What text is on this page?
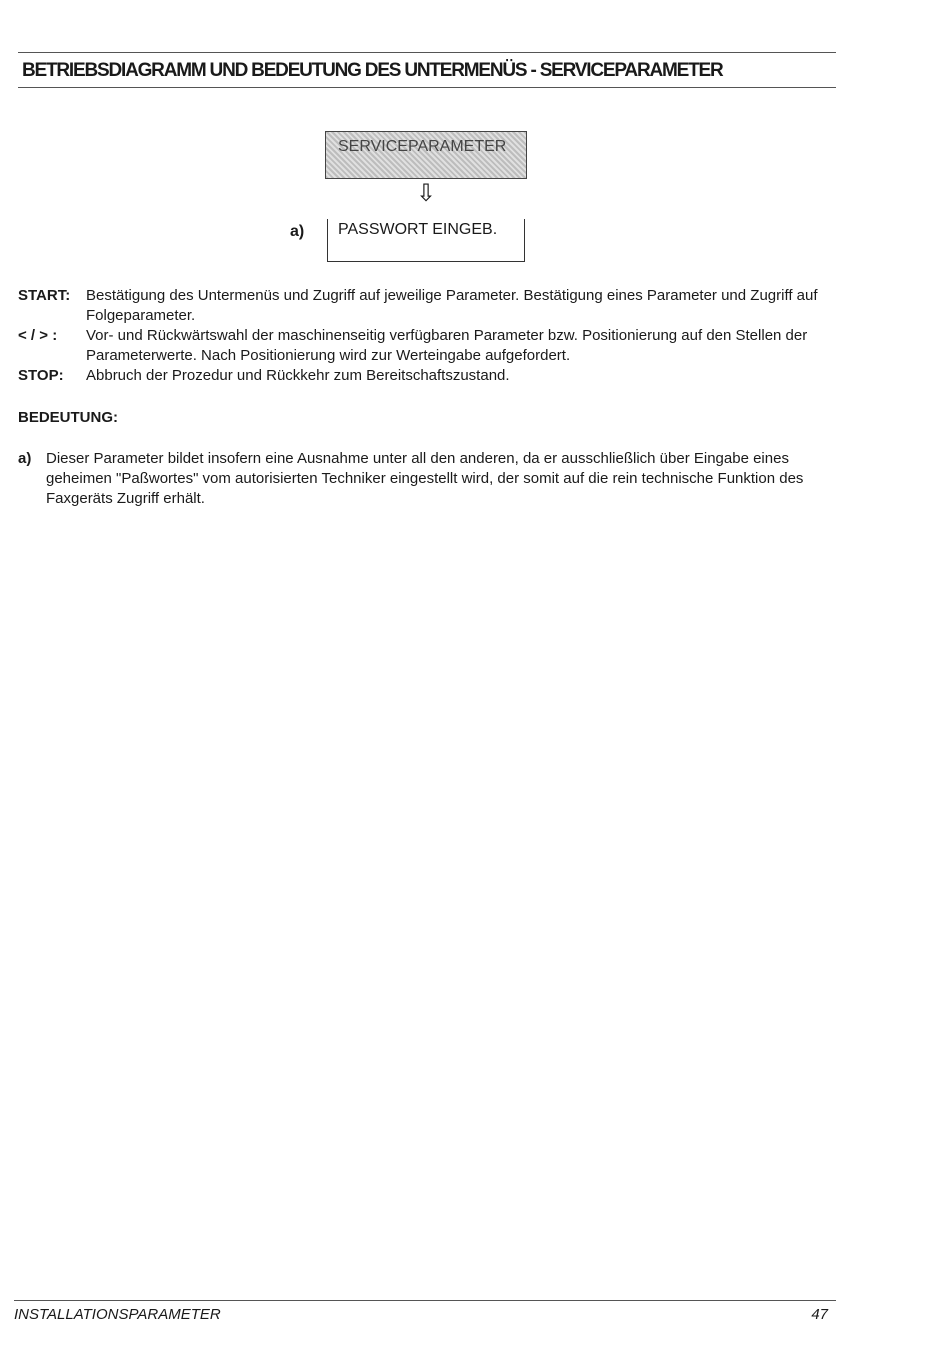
BETRIEBSDIAGRAMM UND BEDEUTUNG DES UNTERMENÜS - SERVICEPARAMETER
SERVICEPARAMETER
⇩
a) PASSWORT EINGEB.
START:	Bestätigung des Untermenüs und Zugriff auf jeweilige Parameter. Bestätigung eines Parameter und Zugriff auf Folgeparameter.
< / > :	Vor- und Rückwärtswahl der maschinenseitig verfügbaren Parameter bzw. Positionierung auf den Stellen der Parameterwerte. Nach Positionierung wird zur Werteingabe aufgefordert.
STOP:	Abbruch der Prozedur und Rückkehr zum Bereitschaftszustand.
BEDEUTUNG:
a) Dieser Parameter bildet insofern eine Ausnahme unter all den anderen, da er ausschließlich über Eingabe eines geheimen "Paßwortes" vom autorisierten Techniker eingestellt wird, der somit auf die rein technische Funktion des Faxgeräts Zugriff erhält.
INSTALLATIONSPARAMETER	47
